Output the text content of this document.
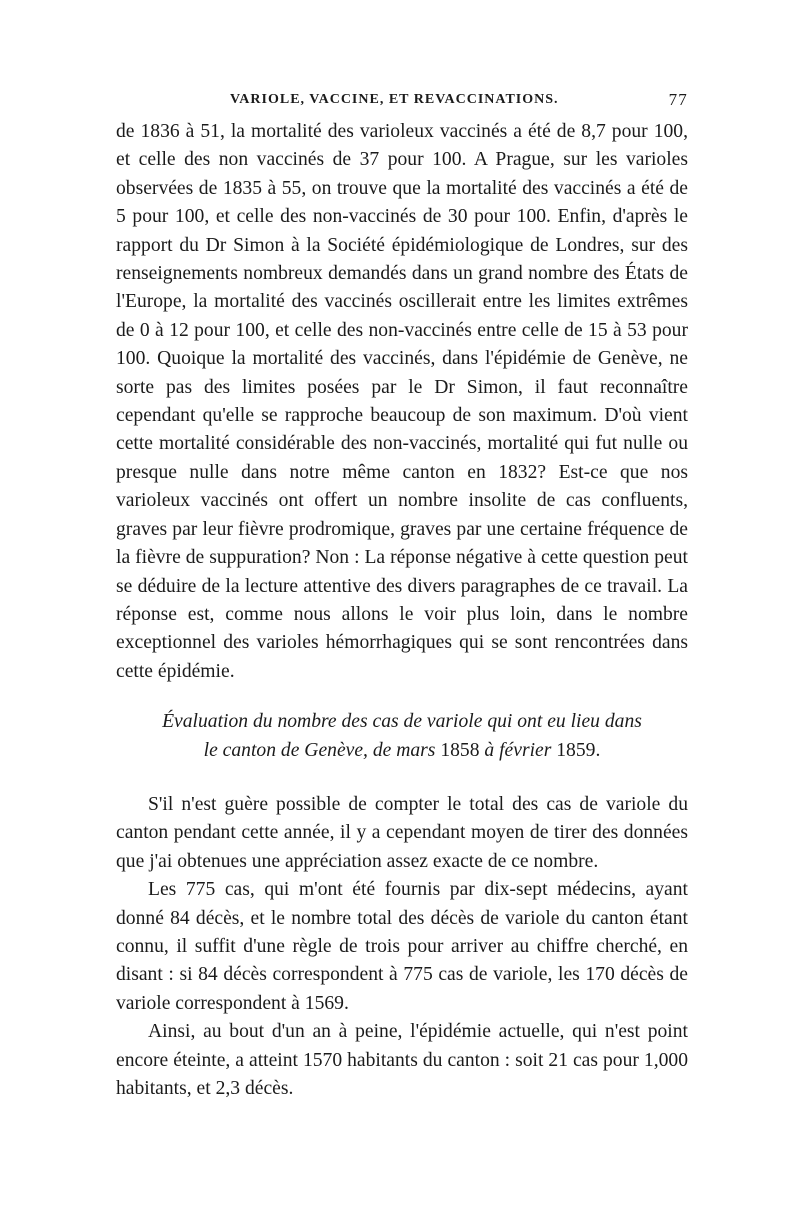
VARIOLE, VACCINE, ET REVACCINATIONS.	77

de 1836 à 51, la mortalité des varioleux vaccinés a été de 8,7 pour 100, et celle des non vaccinés de 37 pour 100. A Prague, sur les varioles observées de 1835 à 55, on trouve que la mortalité des vaccinés a été de 5 pour 100, et celle des non-vaccinés de 30 pour 100. Enfin, d'après le rapport du Dr Simon à la Société épidémiologique de Londres, sur des renseignements nombreux demandés dans un grand nombre des États de l'Europe, la mortalité des vaccinés oscillerait entre les limites extrêmes de 0 à 12 pour 100, et celle des non-vaccinés entre celle de 15 à 53 pour 100. Quoique la mortalité des vaccinés, dans l'épidémie de Genève, ne sorte pas des limites posées par le Dr Simon, il faut reconnaître cependant qu'elle se rapproche beaucoup de son maximum. D'où vient cette mortalité considérable des non-vaccinés, mortalité qui fut nulle ou presque nulle dans notre même canton en 1832? Est-ce que nos varioleux vaccinés ont offert un nombre insolite de cas confluents, graves par leur fièvre prodromique, graves par une certaine fréquence de la fièvre de suppuration? Non : La réponse négative à cette question peut se déduire de la lecture attentive des divers paragraphes de ce travail. La réponse est, comme nous allons le voir plus loin, dans le nombre exceptionnel des varioles hémorrhagiques qui se sont rencontrées dans cette épidémie.

Évaluation du nombre des cas de variole qui ont eu lieu dans
le canton de Genève, de mars 1858 à février 1859.

S'il n'est guère possible de compter le total des cas de variole du canton pendant cette année, il y a cependant moyen de tirer des données que j'ai obtenues une appréciation assez exacte de ce nombre.

Les 775 cas, qui m'ont été fournis par dix-sept médecins, ayant donné 84 décès, et le nombre total des décès de variole du canton étant connu, il suffit d'une règle de trois pour arriver au chiffre cherché, en disant : si 84 décès correspondent à 775 cas de variole, les 170 décès de variole correspondent à 1569.

Ainsi, au bout d'un an à peine, l'épidémie actuelle, qui n'est point encore éteinte, a atteint 1570 habitants du canton : soit 21 cas pour 1,000 habitants, et 2,3 décès.
